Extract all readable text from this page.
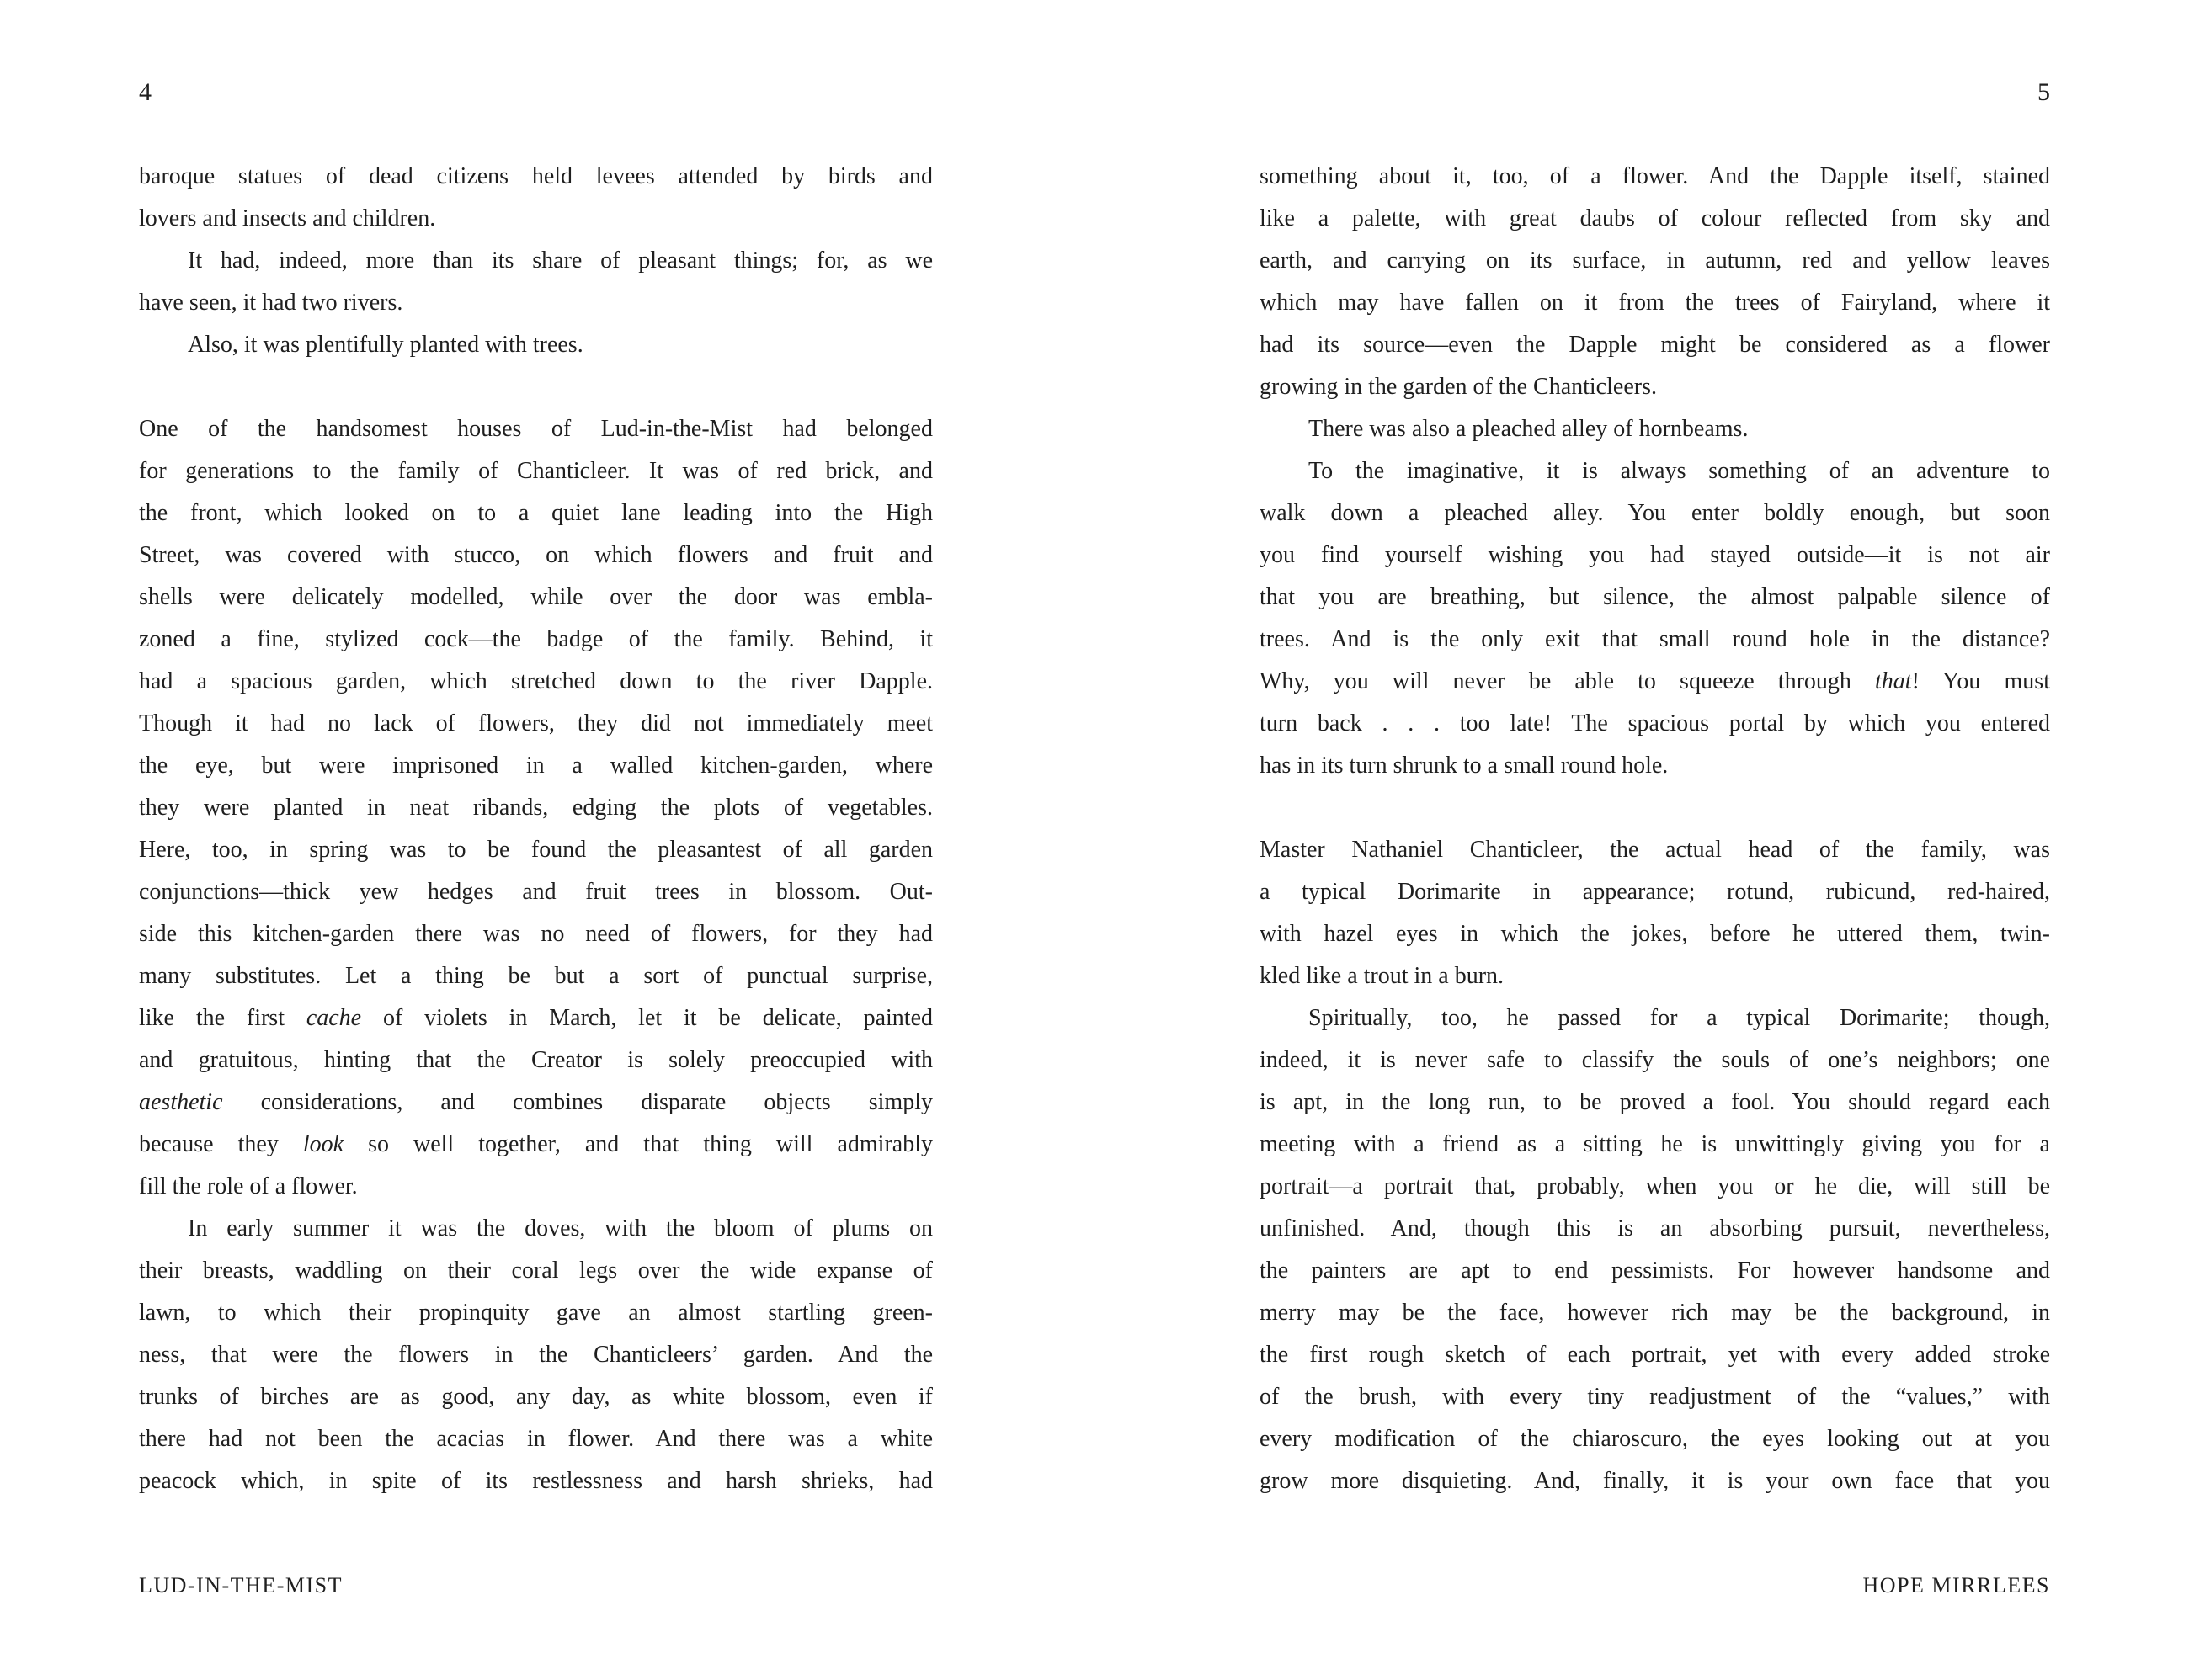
4	5
baroque statues of dead citizens held levees attended by birds and
lovers and insects and children.
It had, indeed, more than its share of pleasant things; for, as we
have seen, it had two rivers.
Also, it was plentifully planted with trees.
One of the handsomest houses of Lud-in-the-Mist had belonged
for generations to the family of Chanticleer. It was of red brick, and
the front, which looked on to a quiet lane leading into the High
Street, was covered with stucco, on which flowers and fruit and
shells were delicately modelled, while over the door was embla-
zoned a fine, stylized cock—the badge of the family. Behind, it
had a spacious garden, which stretched down to the river Dapple.
Though it had no lack of flowers, they did not immediately meet
the eye, but were imprisoned in a walled kitchen-garden, where
they were planted in neat ribands, edging the plots of vegetables.
Here, too, in spring was to be found the pleasantest of all garden
conjunctions—thick yew hedges and fruit trees in blossom. Out-
side this kitchen-garden there was no need of flowers, for they had
many substitutes. Let a thing be but a sort of punctual surprise,
like the first cache of violets in March, let it be delicate, painted
and gratuitous, hinting that the Creator is solely preoccupied with
aesthetic considerations, and combines disparate objects simply
because they look so well together, and that thing will admirably
fill the role of a flower.
In early summer it was the doves, with the bloom of plums on
their breasts, waddling on their coral legs over the wide expanse of
lawn, to which their propinquity gave an almost startling green-
ness, that were the flowers in the Chanticleers’ garden. And the
trunks of birches are as good, any day, as white blossom, even if
there had not been the acacias in flower. And there was a white
peacock which, in spite of its restlessness and harsh shrieks, had
something about it, too, of a flower. And the Dapple itself, stained
like a palette, with great daubs of colour reflected from sky and
earth, and carrying on its surface, in autumn, red and yellow leaves
which may have fallen on it from the trees of Fairyland, where it
had its source—even the Dapple might be considered as a flower
growing in the garden of the Chanticleers.
There was also a pleached alley of hornbeams.
To the imaginative, it is always something of an adventure to
walk down a pleached alley. You enter boldly enough, but soon
you find yourself wishing you had stayed outside—it is not air
that you are breathing, but silence, the almost palpable silence of
trees. And is the only exit that small round hole in the distance?
Why, you will never be able to squeeze through that! You must
turn back . . . too late! The spacious portal by which you entered
has in its turn shrunk to a small round hole.
Master Nathaniel Chanticleer, the actual head of the family, was
a typical Dorimarite in appearance; rotund, rubicund, red-haired,
with hazel eyes in which the jokes, before he uttered them, twin-
kled like a trout in a burn.
Spiritually, too, he passed for a typical Dorimarite; though,
indeed, it is never safe to classify the souls of one’s neighbors; one
is apt, in the long run, to be proved a fool. You should regard each
meeting with a friend as a sitting he is unwittingly giving you for a
portrait—a portrait that, probably, when you or he die, will still be
unfinished. And, though this is an absorbing pursuit, nevertheless,
the painters are apt to end pessimists. For however handsome and
merry may be the face, however rich may be the background, in
the first rough sketch of each portrait, yet with every added stroke
of the brush, with every tiny readjustment of the “values,” with
every modification of the chiaroscuro, the eyes looking out at you
grow more disquieting. And, finally, it is your own face that you
LUD-IN-THE-MIST	HOPE MIRRLEES
